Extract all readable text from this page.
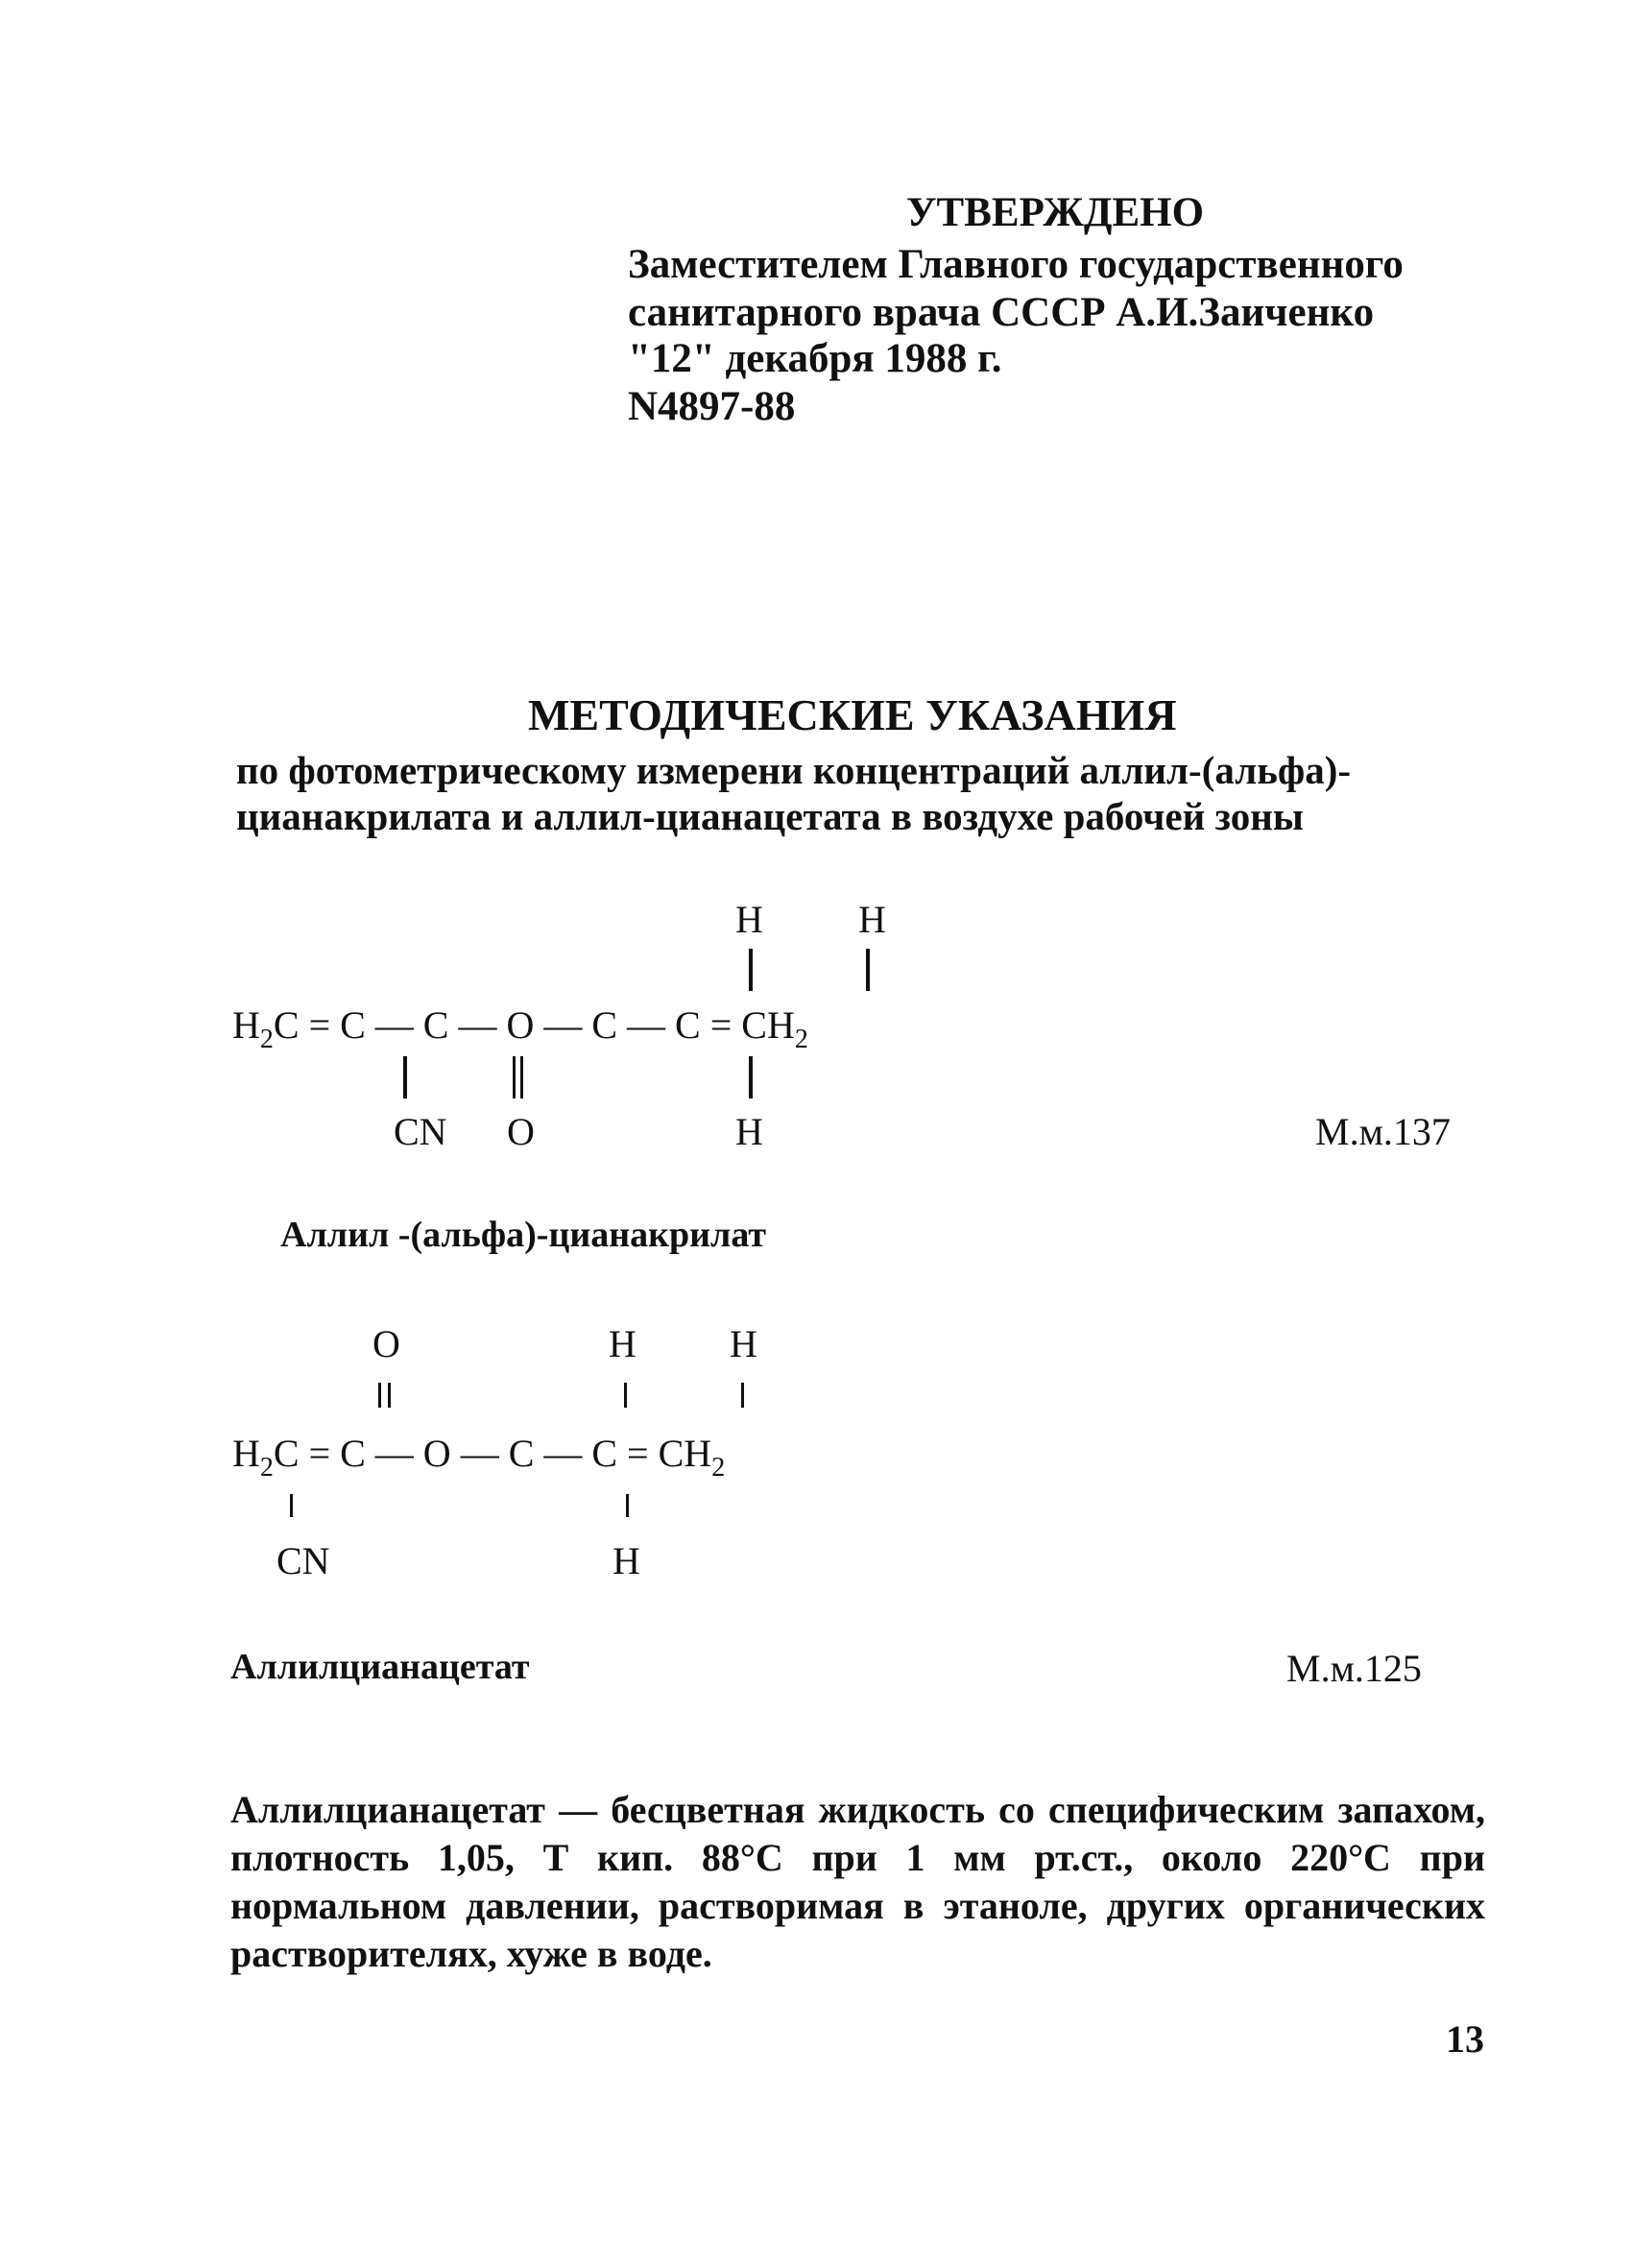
УТВЕРЖДЕНО
Заместителем Главного государственного
санитарного врача СССР А.И.Заиченко
"12" декабря 1988 г.
N4897-88
МЕТОДИЧЕСКИЕ УКАЗАНИЯ
по фотометрическому измерени концентраций аллил-(альфа)-
цианакрилата и аллил-цианацетата в воздухе рабочей зоны
H H
$H_2C = C$ — C — O — C — $C = CH_2$
CN O	H	М.м.137
Аллил -(альфа)-цианакрилат
O	H H
$H_2C = C$ — O — C — $C = CH_2$
CN	H
Аллилцианацетат	М.м.125
Аллилцианацетат — бесцветная жидкость со специфическим запахом, плотность 1,05, Т кип. 88°С при 1 мм рт.ст., около 220°С при нормальном давлении, растворимая в этаноле, других органических растворителях, хуже в воде.
13
